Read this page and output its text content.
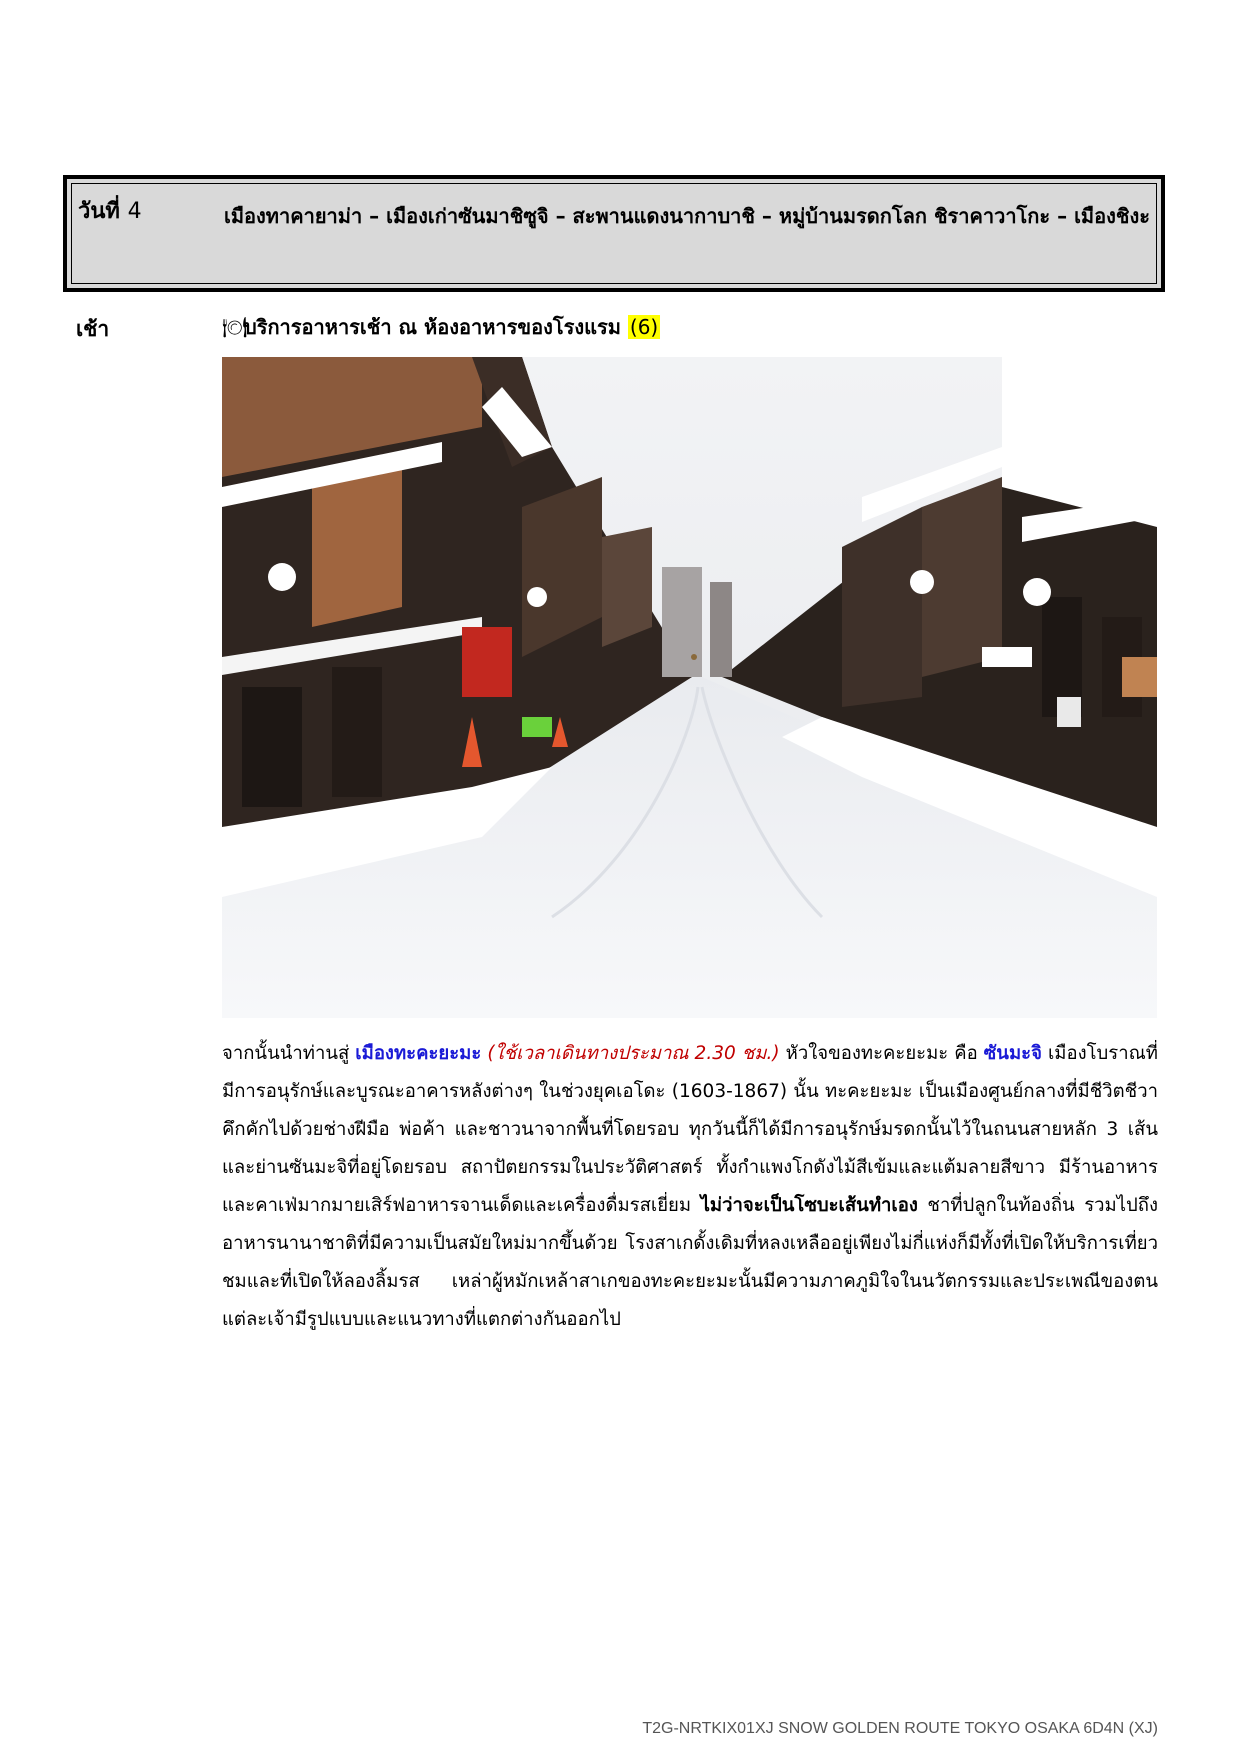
วันที่ 4	เมืองทาคายาม่า – เมืองเก่าซันมาชิซูจิ – สะพานแดงนากาบาชิ – หมู่บ้านมรดกโลก ชิราคาวาโกะ – เมืองชิงะ
เช้า	🍽บริการอาหารเช้า ณ ห้องอาหารของโรงแรม (6)

จากนั้นนำท่านสู่ เมืองทะคะยะมะ (ใช้เวลาเดินทางประมาณ 2.30 ชม.) หัวใจของทะคะยะมะ คือ ซันมะจิ เมืองโบราณที่มีการอนุรักษ์และบูรณะอาคารหลังต่างๆ ในช่วงยุคเอโดะ (1603-1867) นั้น ทะคะยะมะ เป็นเมืองศูนย์กลางที่มีชีวิตชีวา คึกคักไปด้วยช่างฝีมือ พ่อค้า และชาวนาจากพื้นที่โดยรอบ ทุกวันนี้ก็ได้มีการอนุรักษ์มรดกนั้นไว้ในถนนสายหลัก 3 เส้น และย่านซันมะจิที่อยู่โดยรอบ สถาปัตยกรรมในประวัติศาสตร์ ทั้งกำแพงโกดังไม้สีเข้มและแต้มลายสีขาว มีร้านอาหารและคาเฟ่มากมายเสิร์ฟอาหารจานเด็ดและเครื่องดื่มรสเยี่ยม ไม่ว่าจะเป็นโซบะเส้นทำเอง ชาที่ปลูกในท้องถิ่น รวมไปถึงอาหารนานาชาติที่มีความเป็นสมัยใหม่มากขึ้นด้วย โรงสาเกดั้งเดิมที่หลงเหลืออยู่เพียงไม่กี่แห่งก็มีทั้งที่เปิดให้บริการเที่ยวชมและที่เปิดให้ลองลิ้มรส เหล่าผู้หมักเหล้าสาเกของทะคะยะมะนั้นมีความภาคภูมิใจในนวัตกรรมและประเพณีของตน แต่ละเจ้ามีรูปแบบและแนวทางที่แตกต่างกันออกไป

T2G-NRTKIX01XJ SNOW GOLDEN ROUTE TOKYO OSAKA 6D4N (XJ)
